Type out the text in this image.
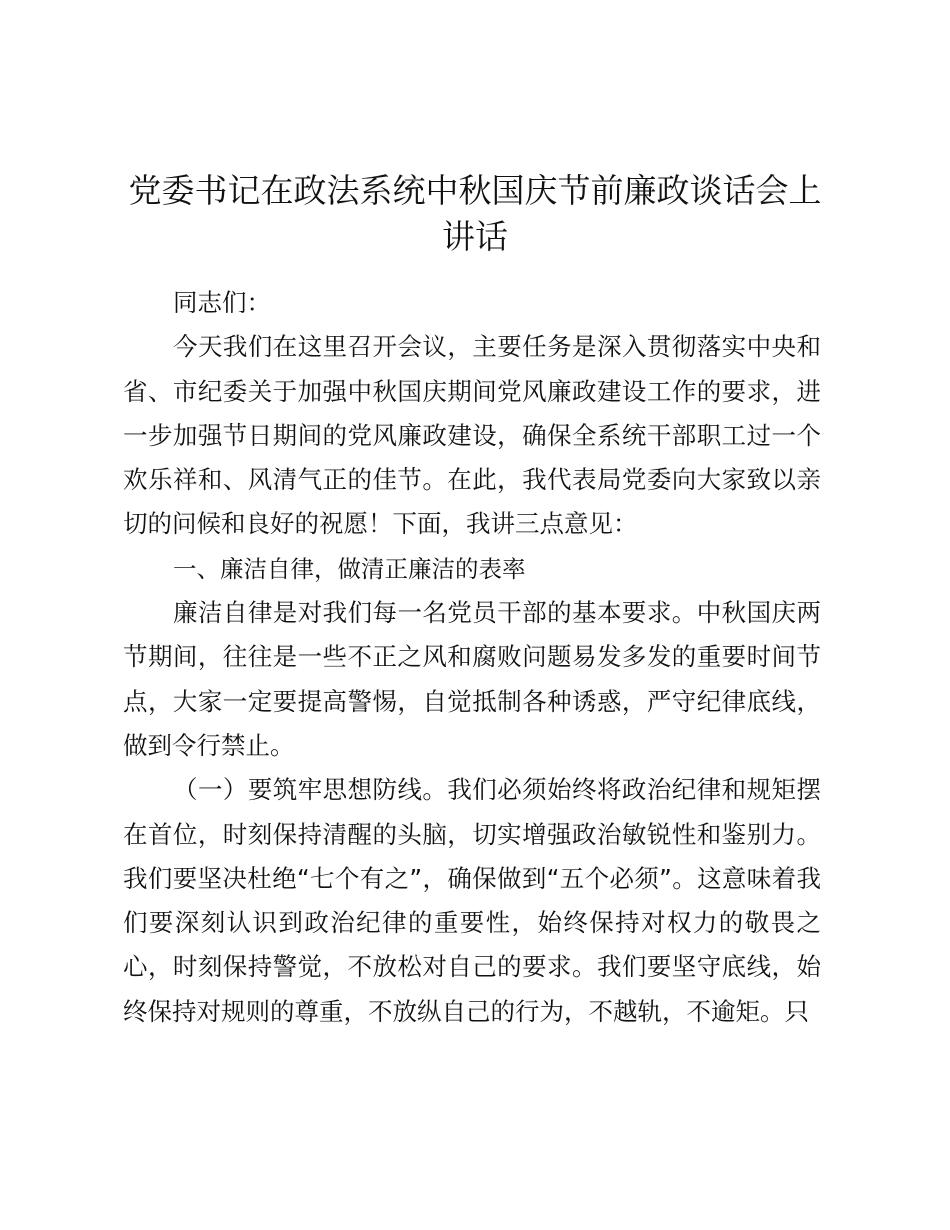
党委书记在政法系统中秋国庆节前廉政谈话会上讲话

同志们：

今天我们在这里召开会议，主要任务是深入贯彻落实中央和省、市纪委关于加强中秋国庆期间党风廉政建设工作的要求，进一步加强节日期间的党风廉政建设，确保全系统干部职工过一个欢乐祥和、风清气正的佳节。在此，我代表局党委向大家致以亲切的问候和良好的祝愿！下面，我讲三点意见：

一、廉洁自律，做清正廉洁的表率

廉洁自律是对我们每一名党员干部的基本要求。中秋国庆两节期间，往往是一些不正之风和腐败问题易发多发的重要时间节点，大家一定要提高警惕，自觉抵制各种诱惑，严守纪律底线，做到令行禁止。

（一）要筑牢思想防线。我们必须始终将政治纪律和规矩摆在首位，时刻保持清醒的头脑，切实增强政治敏锐性和鉴别力。我们要坚决杜绝“七个有之”，确保做到“五个必须”。这意味着我们要深刻认识到政治纪律的重要性，始终保持对权力的敬畏之心，时刻保持警觉，不放松对自己的要求。我们要坚守底线，始终保持对规则的尊重，不放纵自己的行为，不越轨，不逾矩。只
